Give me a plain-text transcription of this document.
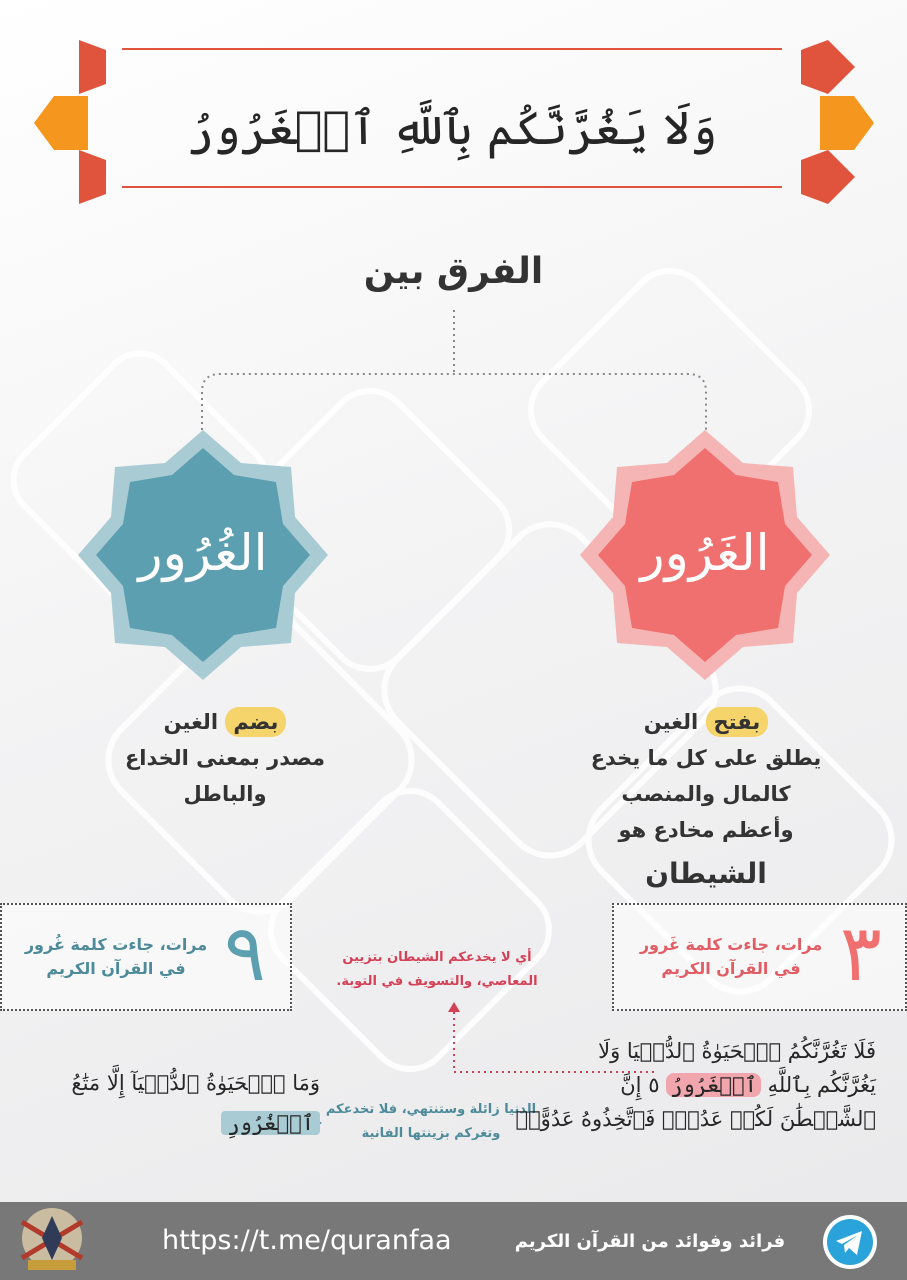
وَلَا يَغُرَّنَّكُم بِٱللَّهِ ٱلۡغَرُورُ
الفرق بين
الغَرُور
الغُرُور
بفتح الغين
يطلق على كل ما يخدع
كالمال والمنصب
وأعظم مخادع هو
الشيطان
بضم الغين
مصدر بمعنى الخداع
والباطل
٣
مرات، جاءت كلمة غَرور
في القرآن الكريم
٩
مرات، جاءت كلمة غُرور
في القرآن الكريم
أي لا يخدعكم الشيطان بتزيين المعاصي، والتسويف في التوبة.
الدنيا زائلة وستنتهي، فلا تخدعكم وتغركم بزينتها الفانية
فَلَا تَغُرَّنَّكُمُ ٱلۡحَيَوٰةُ ٱلدُّنۡيَا وَلَا
يَغُرَّنَّكُم بِٱللَّهِ ٱلۡغَرُورُ ٥ إِنَّ
ٱلشَّيۡطَٰنَ لَكُمۡ عَدُوّٞ فَٱتَّخِذُوهُ عَدُوًّاۚ
وَمَا ٱلۡحَيَوٰةُ ٱلدُّنۡيَآ إِلَّا مَتَٰعُ
ٱلۡغُرُورِ
https://t.me/quranfaa	فرائد وفوائد من القرآن الكريم
